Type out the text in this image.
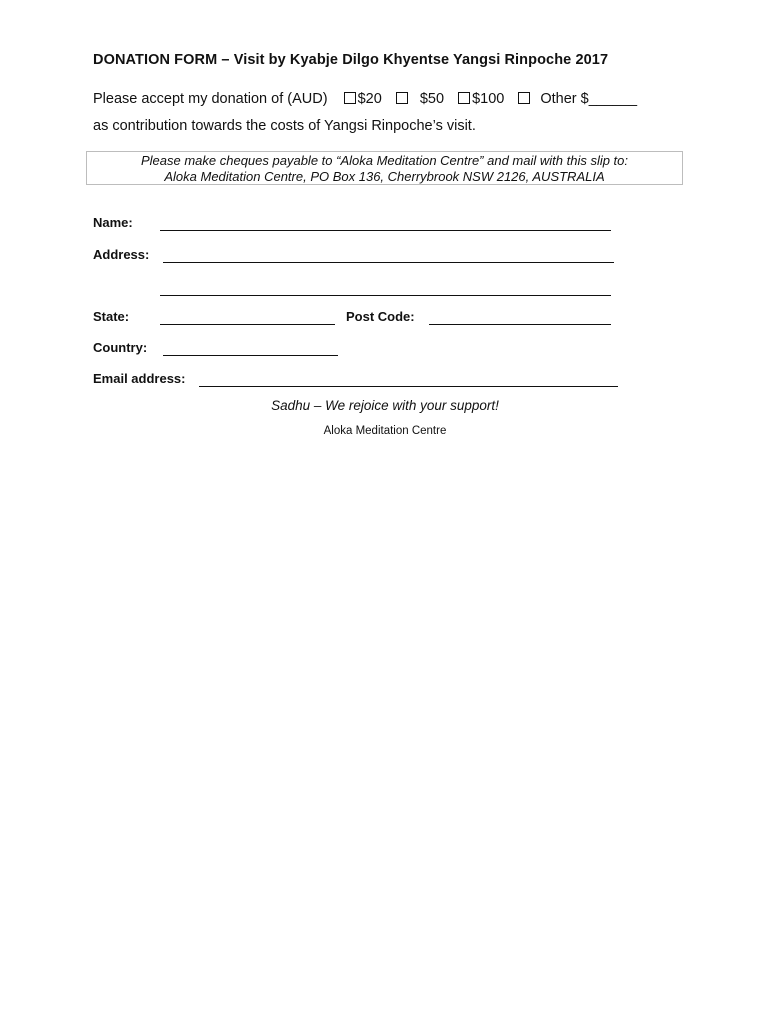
DONATION FORM – Visit by Kyabje Dilgo Khyentse Yangsi Rinpoche 2017
Please accept my donation of (AUD) $20	$50 $100 Other $______
as contribution towards the costs of Yangsi Rinpoche’s visit.
Please make cheques payable to “Aloka Meditation Centre” and mail with this slip to:
Aloka Meditation Centre, PO Box 136, Cherrybrook NSW 2126, AUSTRALIA
Name:
Address:
State:	Post Code:
Country:
Email address:
Sadhu – We rejoice with your support!
Aloka Meditation Centre
